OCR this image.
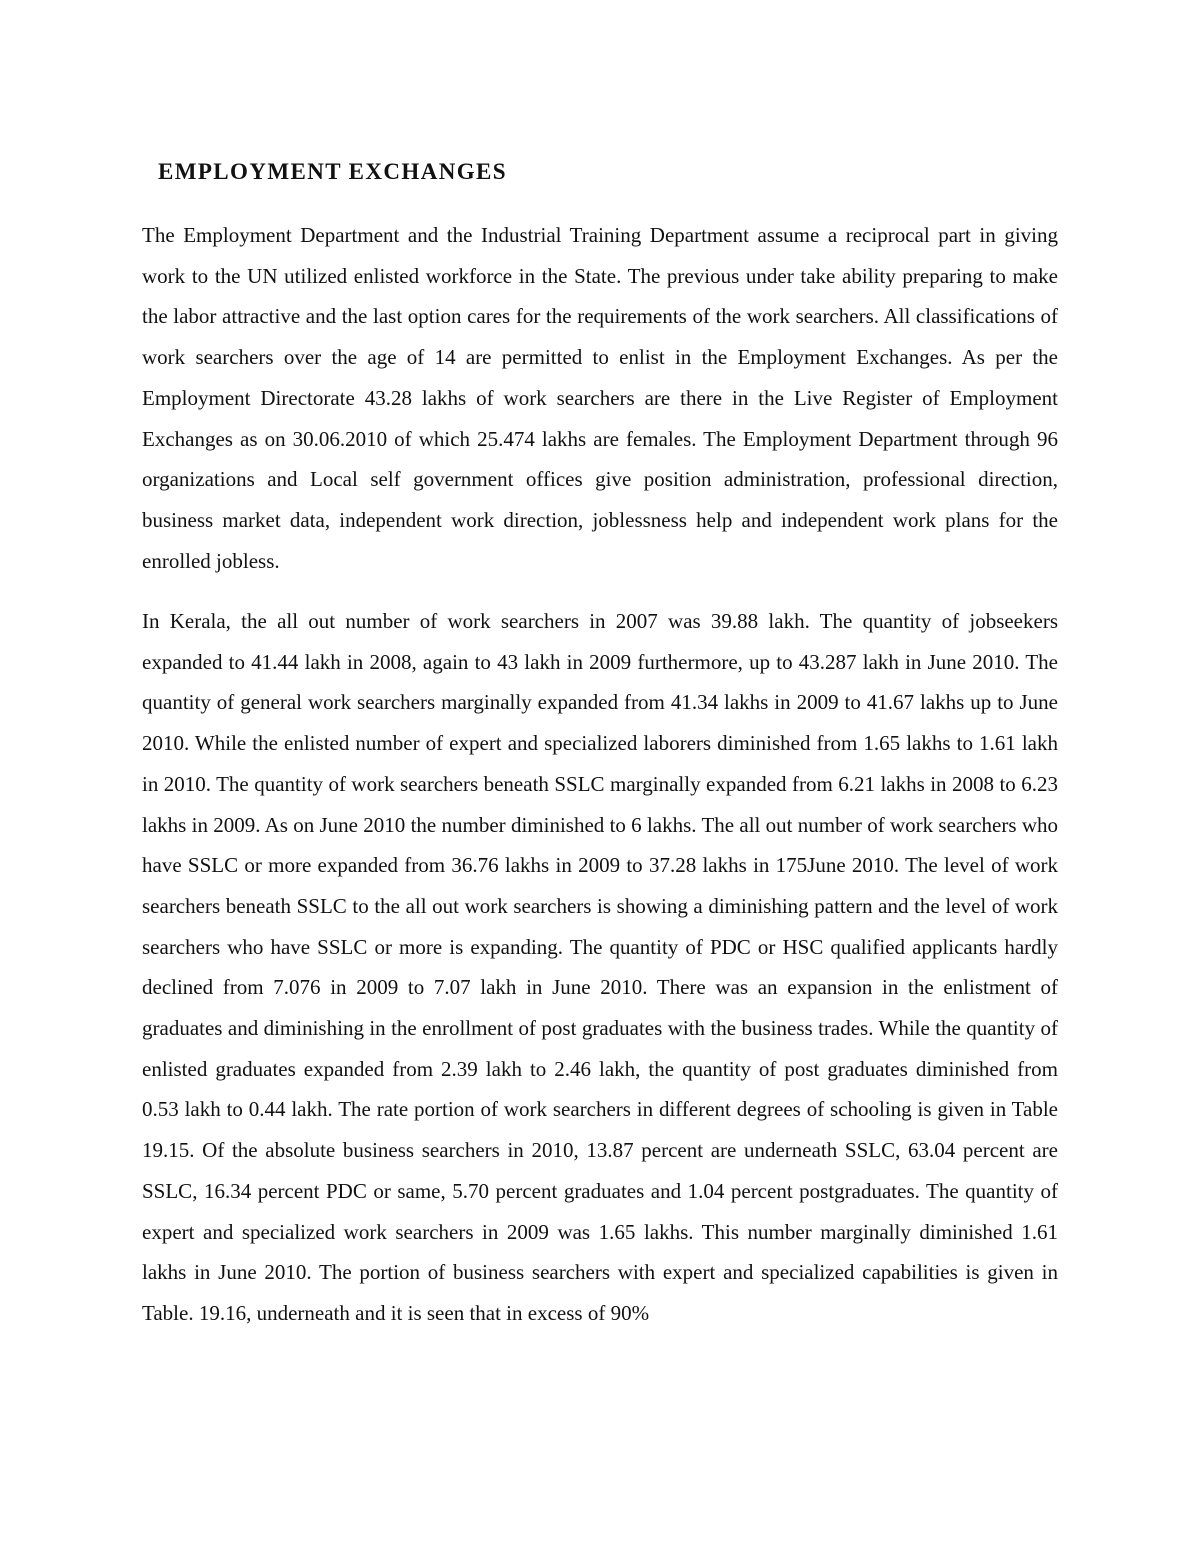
EMPLOYMENT EXCHANGES

The Employment Department and the Industrial Training Department assume a reciprocal part in giving work to the UN utilized enlisted workforce in the State. The previous under take ability preparing to make the labor attractive and the last option cares for the requirements of the work searchers. All classifications of work searchers over the age of 14 are permitted to enlist in the Employment Exchanges. As per the Employment Directorate 43.28 lakhs of work searchers are there in the Live Register of Employment Exchanges as on 30.06.2010 of which 25.474 lakhs are females. The Employment Department through 96 organizations and Local self government offices give position administration, professional direction, business market data, independent work direction, joblessness help and independent work plans for the enrolled jobless.

In Kerala, the all out number of work searchers in 2007 was 39.88 lakh. The quantity of jobseekers expanded to 41.44 lakh in 2008, again to 43 lakh in 2009 furthermore, up to 43.287 lakh in June 2010. The quantity of general work searchers marginally expanded from 41.34 lakhs in 2009 to 41.67 lakhs up to June 2010. While the enlisted number of expert and specialized laborers diminished from 1.65 lakhs to 1.61 lakh in 2010. The quantity of work searchers beneath SSLC marginally expanded from 6.21 lakhs in 2008 to 6.23 lakhs in 2009. As on June 2010 the number diminished to 6 lakhs. The all out number of work searchers who have SSLC or more expanded from 36.76 lakhs in 2009 to 37.28 lakhs in 175June 2010. The level of work searchers beneath SSLC to the all out work searchers is showing a diminishing pattern and the level of work searchers who have SSLC or more is expanding. The quantity of PDC or HSC qualified applicants hardly declined from 7.076 in 2009 to 7.07 lakh in June 2010. There was an expansion in the enlistment of graduates and diminishing in the enrollment of post graduates with the business trades. While the quantity of enlisted graduates expanded from 2.39 lakh to 2.46 lakh, the quantity of post graduates diminished from 0.53 lakh to 0.44 lakh. The rate portion of work searchers in different degrees of schooling is given in Table 19.15. Of the absolute business searchers in 2010, 13.87 percent are underneath SSLC, 63.04 percent are SSLC, 16.34 percent PDC or same, 5.70 percent graduates and 1.04 percent postgraduates. The quantity of expert and specialized work searchers in 2009 was 1.65 lakhs. This number marginally diminished 1.61 lakhs in June 2010. The portion of business searchers with expert and specialized capabilities is given in Table. 19.16, underneath and it is seen that in excess of 90%
